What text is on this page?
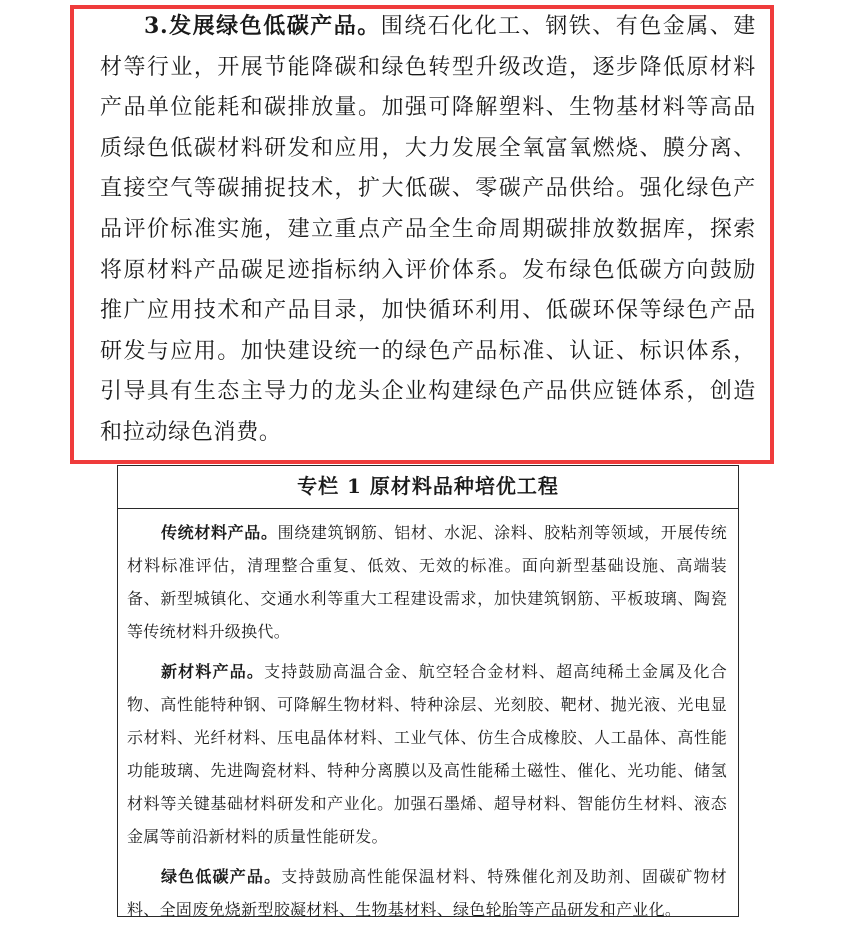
3.发展绿色低碳产品。围绕石化化工、钢铁、有色金属、建材等行业，开展节能降碳和绿色转型升级改造，逐步降低原材料产品单位能耗和碳排放量。加强可降解塑料、生物基材料等高品质绿色低碳材料研发和应用，大力发展全氧富氧燃烧、膜分离、直接空气等碳捕捉技术，扩大低碳、零碳产品供给。强化绿色产品评价标准实施，建立重点产品全生命周期碳排放数据库，探索将原材料产品碳足迹指标纳入评价体系。发布绿色低碳方向鼓励推广应用技术和产品目录，加快循环利用、低碳环保等绿色产品研发与应用。加快建设统一的绿色产品标准、认证、标识体系，引导具有生态主导力的龙头企业构建绿色产品供应链体系，创造和拉动绿色消费。

专栏 1 原材料品种培优工程

传统材料产品。围绕建筑钢筋、铝材、水泥、涂料、胶粘剂等领域，开展传统材料标准评估，清理整合重复、低效、无效的标准。面向新型基础设施、高端装备、新型城镇化、交通水利等重大工程建设需求，加快建筑钢筋、平板玻璃、陶瓷等传统材料升级换代。

新材料产品。支持鼓励高温合金、航空轻合金材料、超高纯稀土金属及化合物、高性能特种钢、可降解生物材料、特种涂层、光刻胶、靶材、抛光液、光电显示材料、光纤材料、压电晶体材料、工业气体、仿生合成橡胶、人工晶体、高性能功能玻璃、先进陶瓷材料、特种分离膜以及高性能稀土磁性、催化、光功能、储氢材料等关键基础材料研发和产业化。加强石墨烯、超导材料、智能仿生材料、液态金属等前沿新材料的质量性能研发。

绿色低碳产品。支持鼓励高性能保温材料、特殊催化剂及助剂、固碳矿物材料、全固废免烧新型胶凝材料、生物基材料、绿色轮胎等产品研发和产业化。
